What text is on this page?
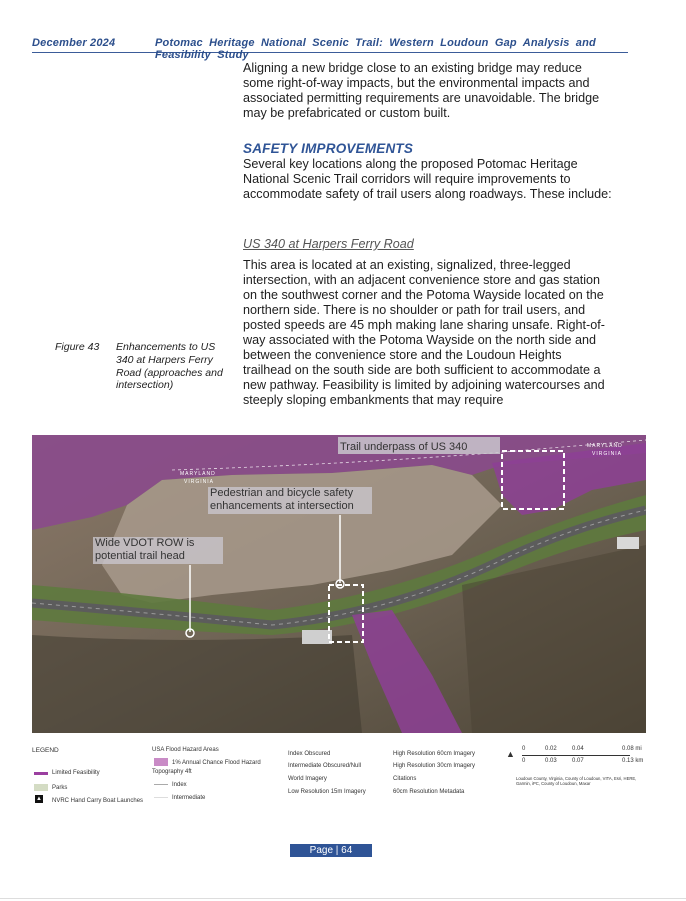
December 2024	Potomac Heritage National Scenic Trail: Western Loudoun Gap Analysis and Feasibility Study
Aligning a new bridge close to an existing bridge may reduce some right-of-way impacts, but the environmental impacts and associated permitting requirements are unavoidable. The bridge may be prefabricated or custom built.
SAFETY IMPROVEMENTS
Several key locations along the proposed Potomac Heritage National Scenic Trail corridors will require improvements to accommodate safety of trail users along roadways. These include:
US 340 at Harpers Ferry Road
This area is located at an existing, signalized, three-legged intersection, with an adjacent convenience store and gas station on the southwest corner and the Potoma Wayside located on the northern side. There is no shoulder or path for trail users, and posted speeds are 45 mph making lane sharing unsafe. Right-of-way associated with the Potoma Wayside on the north side and between the convenience store and the Loudoun Heights trailhead on the south side are both sufficient to accommodate a new pathway. Feasibility is limited by adjoining watercourses and steeply sloping embankments that may require
Figure 43 Enhancements to US 340 at Harpers Ferry Road (approaches and intersection)
MARYLAND
VIRGINIA
MARYLAND
VIRGINIA
Trail underpass of US 340
Pedestrian and bicycle safety enhancements at intersection
Wide VDOT ROW is potential trail head
LEGEND
Limited Feasibility
Parks
▲ NVRC Hand Carry Boat Launches
USA Flood Hazard Areas
1% Annual Chance Flood Hazard
Topography 4ft
Index
Intermediate
Index Obscured
Intermediate Obscured/Null
World Imagery
Low Resolution 15m Imagery
High Resolution 60cm Imagery
High Resolution 30cm Imagery
Citations
60cm Resolution Metadata
▲ 0	0.02	0.04	0.08 mi
0	0.03	0.07	0.13 km
Loudoun County, Virginia, County of Loudoun, VITA, Esri, HERE, Garmin, iPC, County of Loudoun, Maxar
Page | 64
